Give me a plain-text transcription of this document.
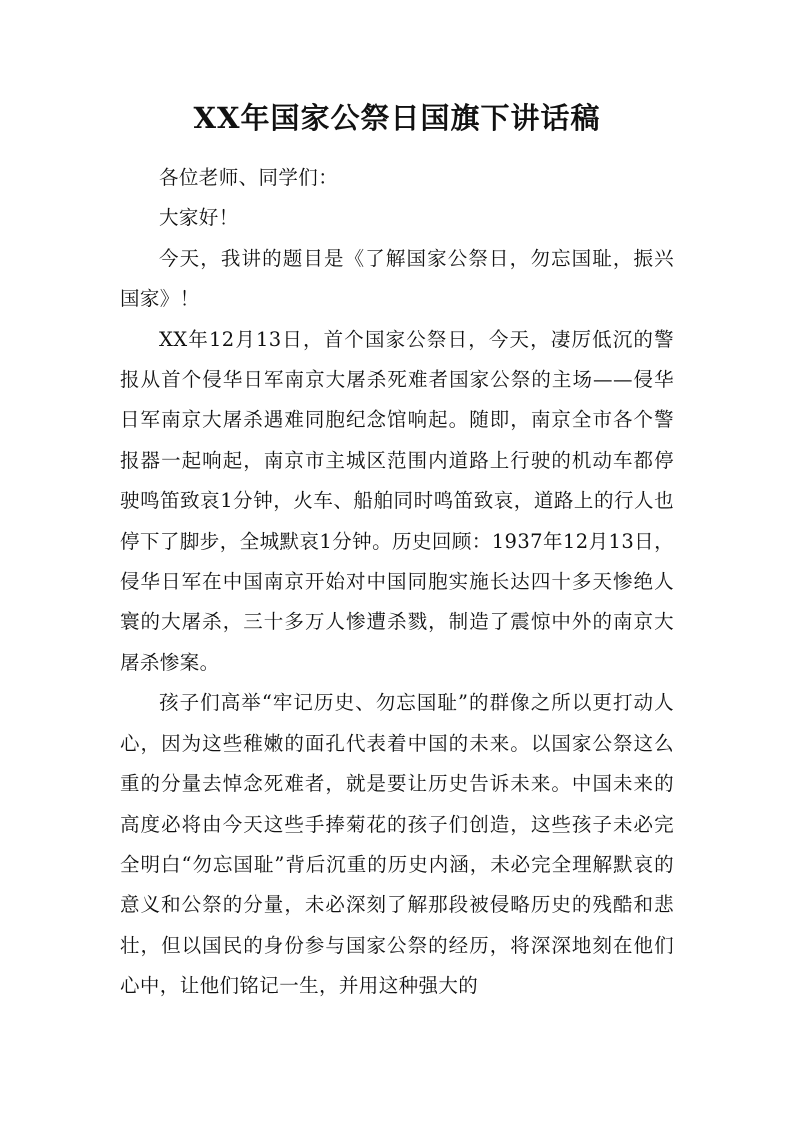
XX年国家公祭日国旗下讲话稿

各位老师、同学们：

大家好！

今天，我讲的题目是《了解国家公祭日，勿忘国耻，振兴国家》！

XX年12月13日，首个国家公祭日，今天，凄厉低沉的警报从首个侵华日军南京大屠杀死难者国家公祭的主场——侵华日军南京大屠杀遇难同胞纪念馆响起。随即，南京全市各个警报器一起响起，南京市主城区范围内道路上行驶的机动车都停驶鸣笛致哀1分钟，火车、船舶同时鸣笛致哀，道路上的行人也停下了脚步，全城默哀1分钟。历史回顾：1937年12月13日，侵华日军在中国南京开始对中国同胞实施长达四十多天惨绝人寰的大屠杀，三十多万人惨遭杀戮，制造了震惊中外的南京大屠杀惨案。

孩子们高举“牢记历史、勿忘国耻”的群像之所以更打动人心，因为这些稚嫩的面孔代表着中国的未来。以国家公祭这么重的分量去悼念死难者，就是要让历史告诉未来。中国未来的高度必将由今天这些手捧菊花的孩子们创造，这些孩子未必完全明白“勿忘国耻”背后沉重的历史内涵，未必完全理解默哀的意义和公祭的分量，未必深刻了解那段被侵略历史的残酷和悲壮，但以国民的身份参与国家公祭的经历，将深深地刻在他们心中，让他们铭记一生，并用这种强大的
